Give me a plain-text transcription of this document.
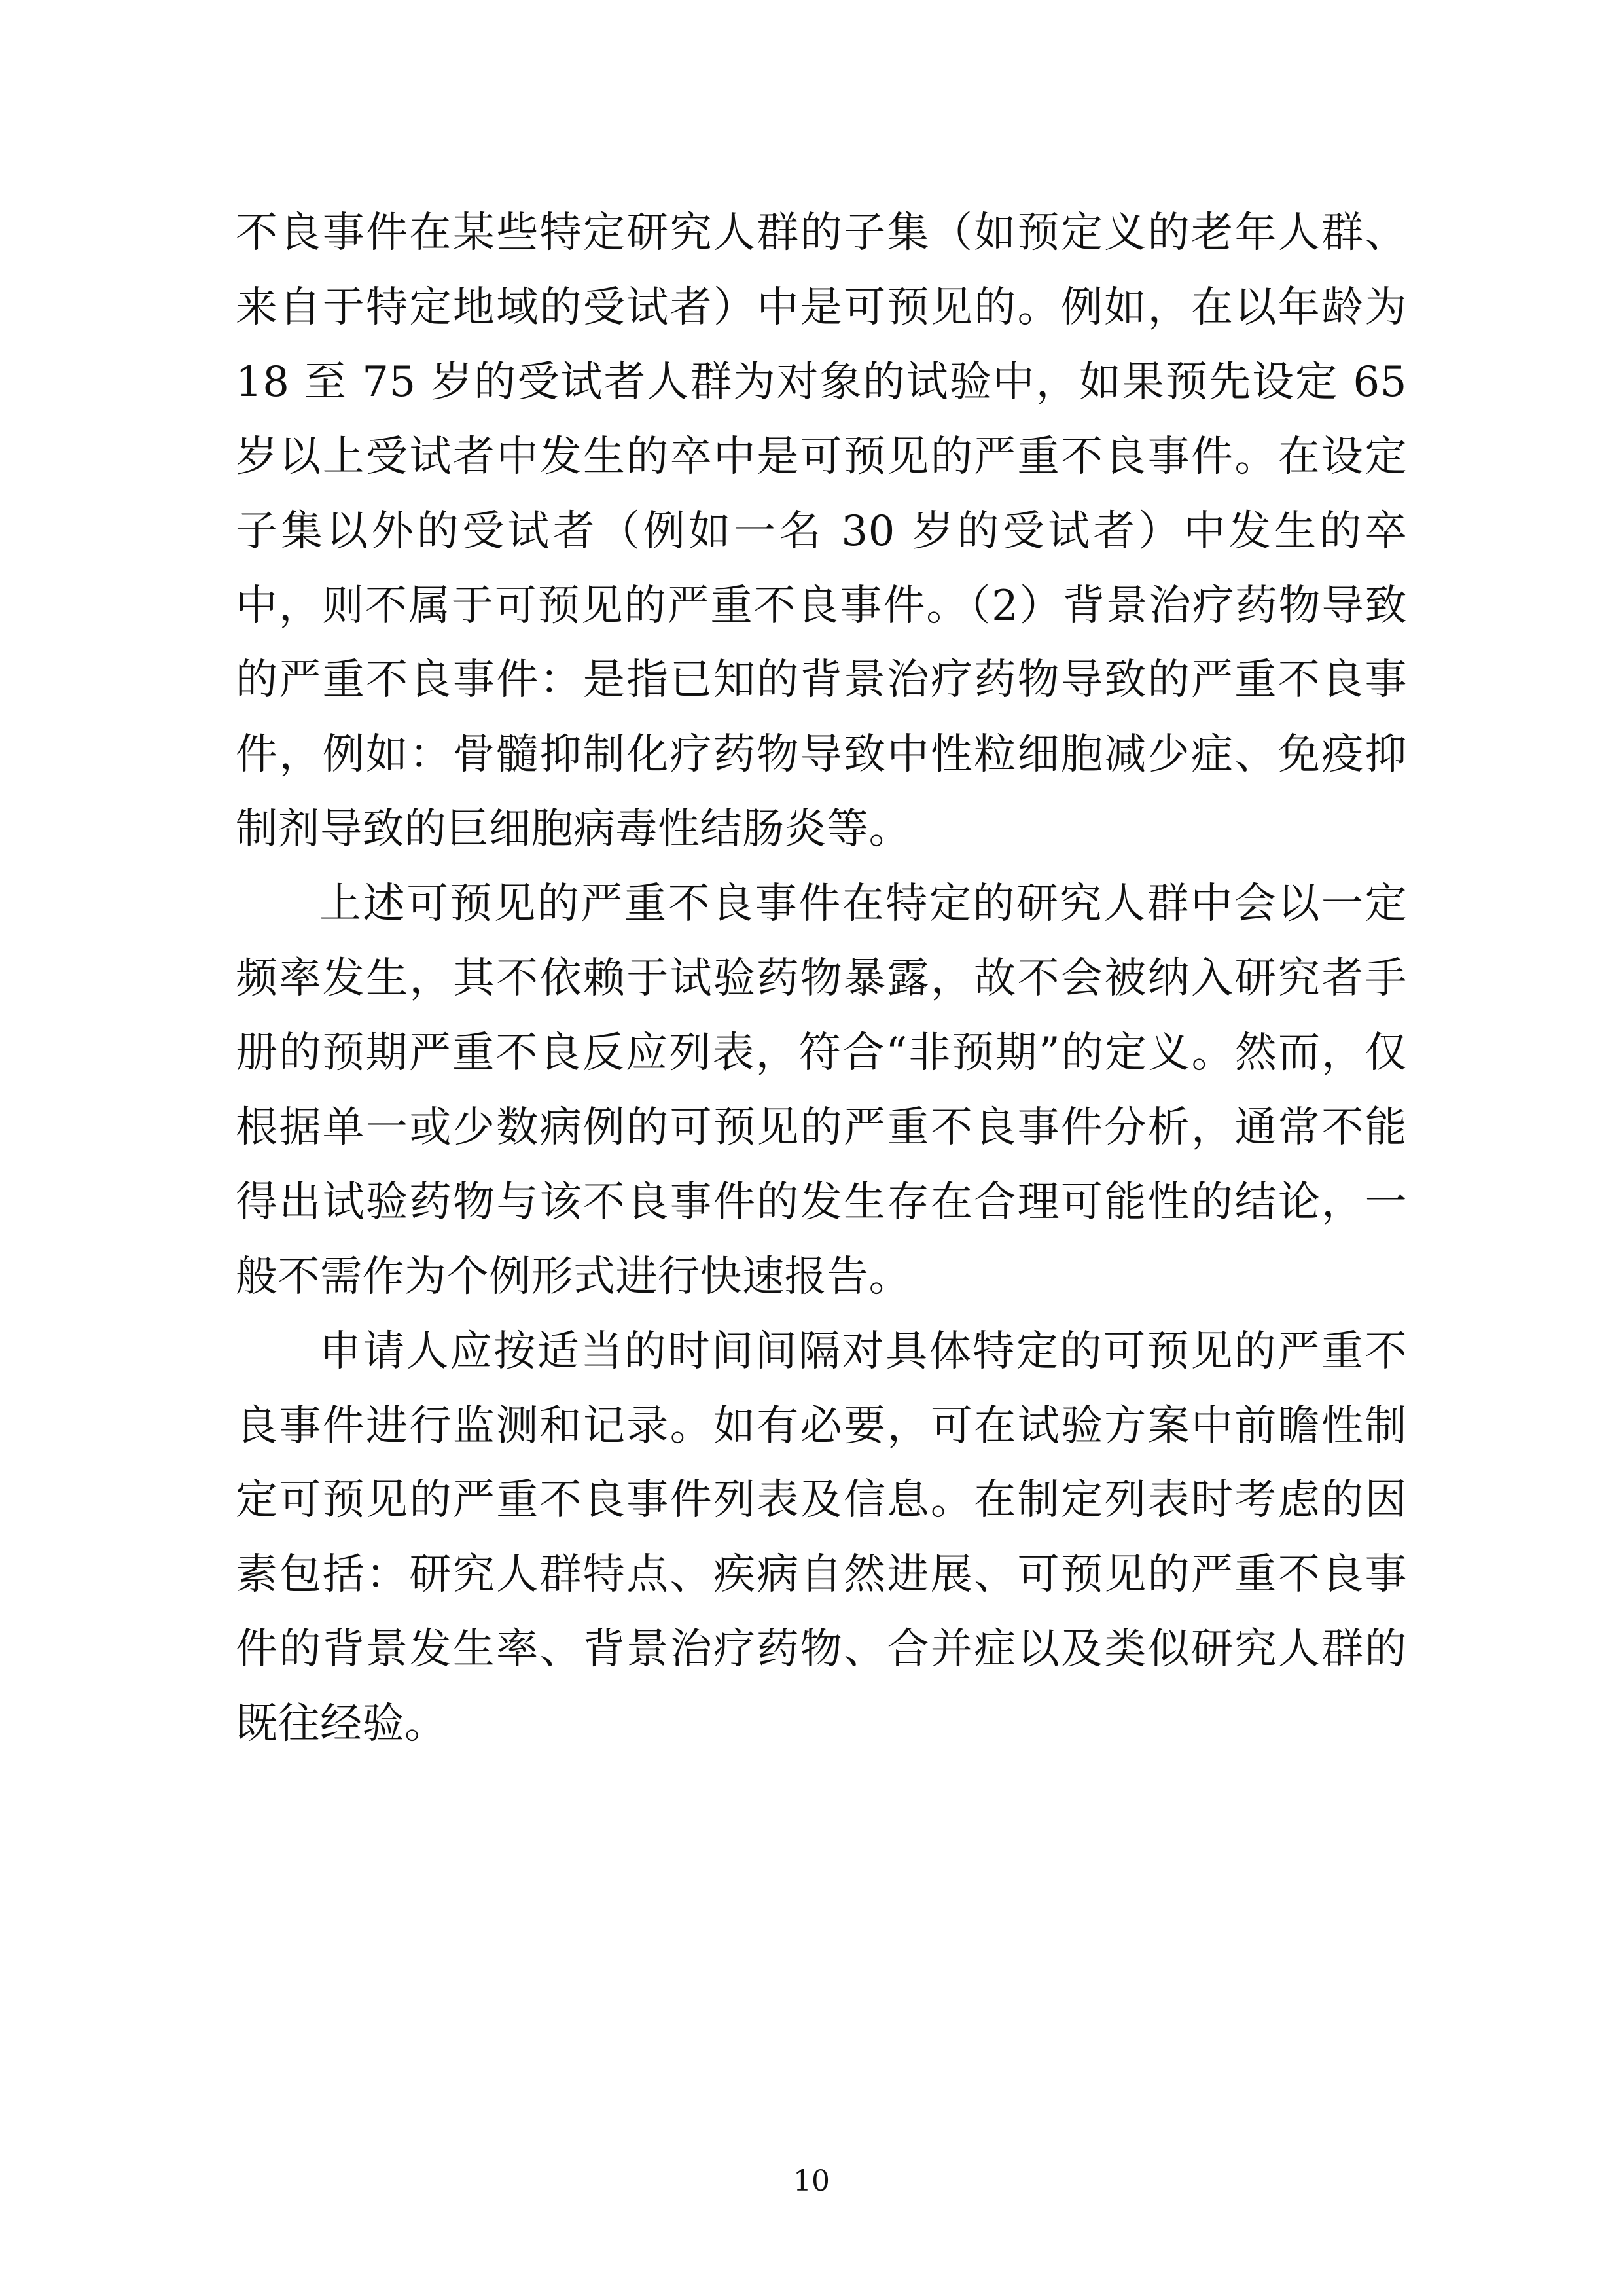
不良事件在某些特定研究人群的子集（如预定义的老年人群、来自于特定地域的受试者）中是可预见的。例如，在以年龄为 18 至 75 岁的受试者人群为对象的试验中，如果预先设定 65 岁以上受试者中发生的卒中是可预见的严重不良事件。在设定子集以外的受试者（例如一名 30 岁的受试者）中发生的卒中，则不属于可预见的严重不良事件。（2）背景治疗药物导致的严重不良事件：是指已知的背景治疗药物导致的严重不良事件，例如：骨髓抑制化疗药物导致中性粒细胞减少症、免疫抑制剂导致的巨细胞病毒性结肠炎等。

上述可预见的严重不良事件在特定的研究人群中会以一定频率发生，其不依赖于试验药物暴露，故不会被纳入研究者手册的预期严重不良反应列表，符合“非预期”的定义。然而，仅根据单一或少数病例的可预见的严重不良事件分析，通常不能得出试验药物与该不良事件的发生存在合理可能性的结论，一般不需作为个例形式进行快速报告。

申请人应按适当的时间间隔对具体特定的可预见的严重不良事件进行监测和记录。如有必要，可在试验方案中前瞻性制定可预见的严重不良事件列表及信息。在制定列表时考虑的因素包括：研究人群特点、疾病自然进展、可预见的严重不良事件的背景发生率、背景治疗药物、合并症以及类似研究人群的既往经验。

10
